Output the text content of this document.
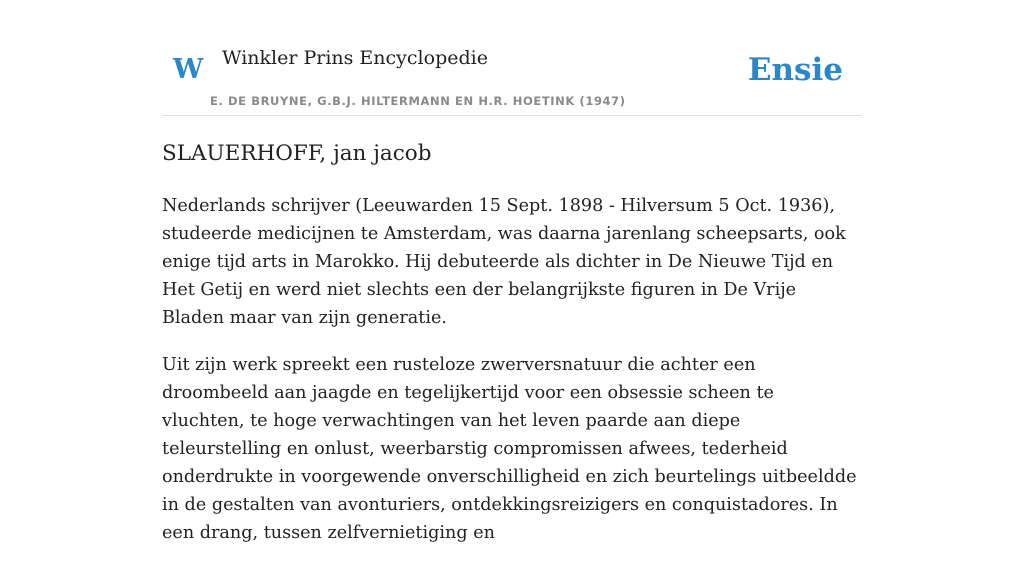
W Winkler Prins Encyclopedie
E. DE BRUYNE, G.B.J. HILTERMANN EN H.R. HOETINK (1947)
Ensie
SLAUERHOFF, jan jacob

Nederlands schrijver (Leeuwarden 15 Sept. 1898 - Hilversum 5 Oct. 1936), studeerde medicijnen te Amsterdam, was daarna jarenlang scheepsarts, ook enige tijd arts in Marokko. Hij debuteerde als dichter in De Nieuwe Tijd en Het Getij en werd niet slechts een der belangrijkste figuren in De Vrije Bladen maar van zijn generatie.

Uit zijn werk spreekt een rusteloze zwerversnatuur die achter een droombeeld aan jaagde en tegelijkertijd voor een obsessie scheen te vluchten, te hoge verwachtingen van het leven paarde aan diepe teleurstelling en onlust, weerbarstig compromissen afwees, tederheid onderdrukte in voorgewende onverschilligheid en zich beurtelings uitbeeldde in de gestalten van avonturiers, ontdekkingsreizigers en conquistadores. In een drang, tussen zelfvernietiging en
